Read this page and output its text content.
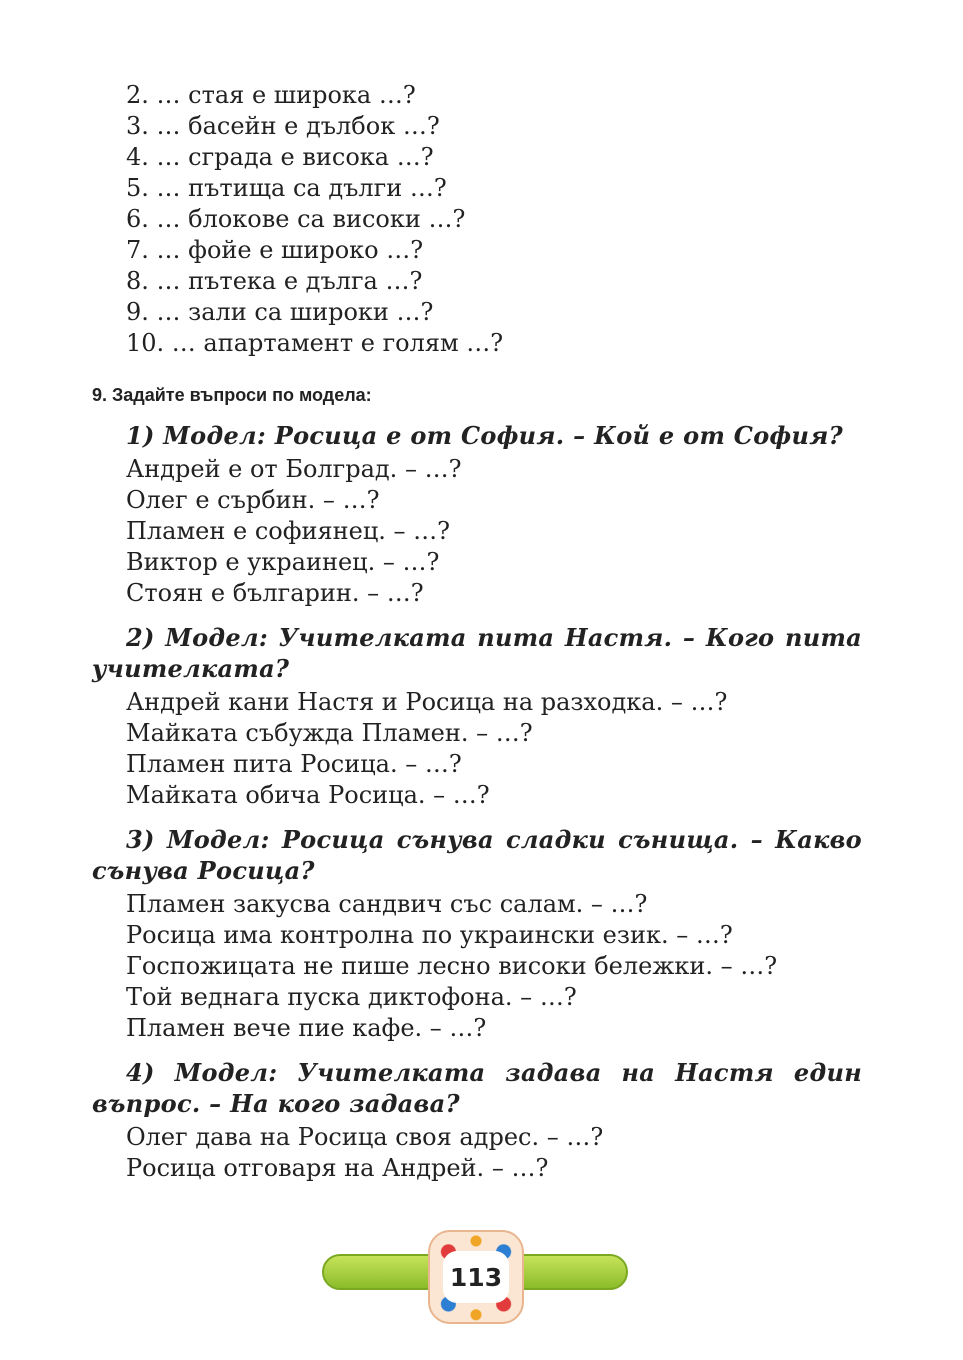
2. … стая е широка …?
3. … басейн е дълбок …?
4. … сграда е висока …?
5. … пътища са дълги …?
6. … блокове са високи …?
7. … фойе е широко …?
8. … пътека е дълга …?
9. … зали са широки …?
10. … апартамент е голям …?
9. Задайте въпроси по модела:
1) Модел: Росица е от София. – Кой е от София?
Андрей е от Болград. – …?
Олег е сърбин. – …?
Пламен е софиянец. – …?
Виктор е украинец. – …?
Стоян е българин. – …?
2) Модел: Учителката пита Настя. – Кого пита учителката?
Андрей кани Настя и Росица на разходка. – …?
Майката събужда Пламен. – …?
Пламен пита Росица. – …?
Майката обича Росица. – …?
3) Модел: Росица сънува сладки сънища. – Какво сънува Росица?
Пламен закусва сандвич със салам. – …?
Росица има контролна по украински език. – …?
Госпожицата не пише лесно високи бележки. – …?
Той веднага пуска диктофона. – …?
Пламен вече пие кафе. – …?
4) Модел: Учителката задава на Настя един въпрос. – На кого задава?
Олег дава на Росица своя адрес. – …?
Росица отговаря на Андрей. – …?
113
